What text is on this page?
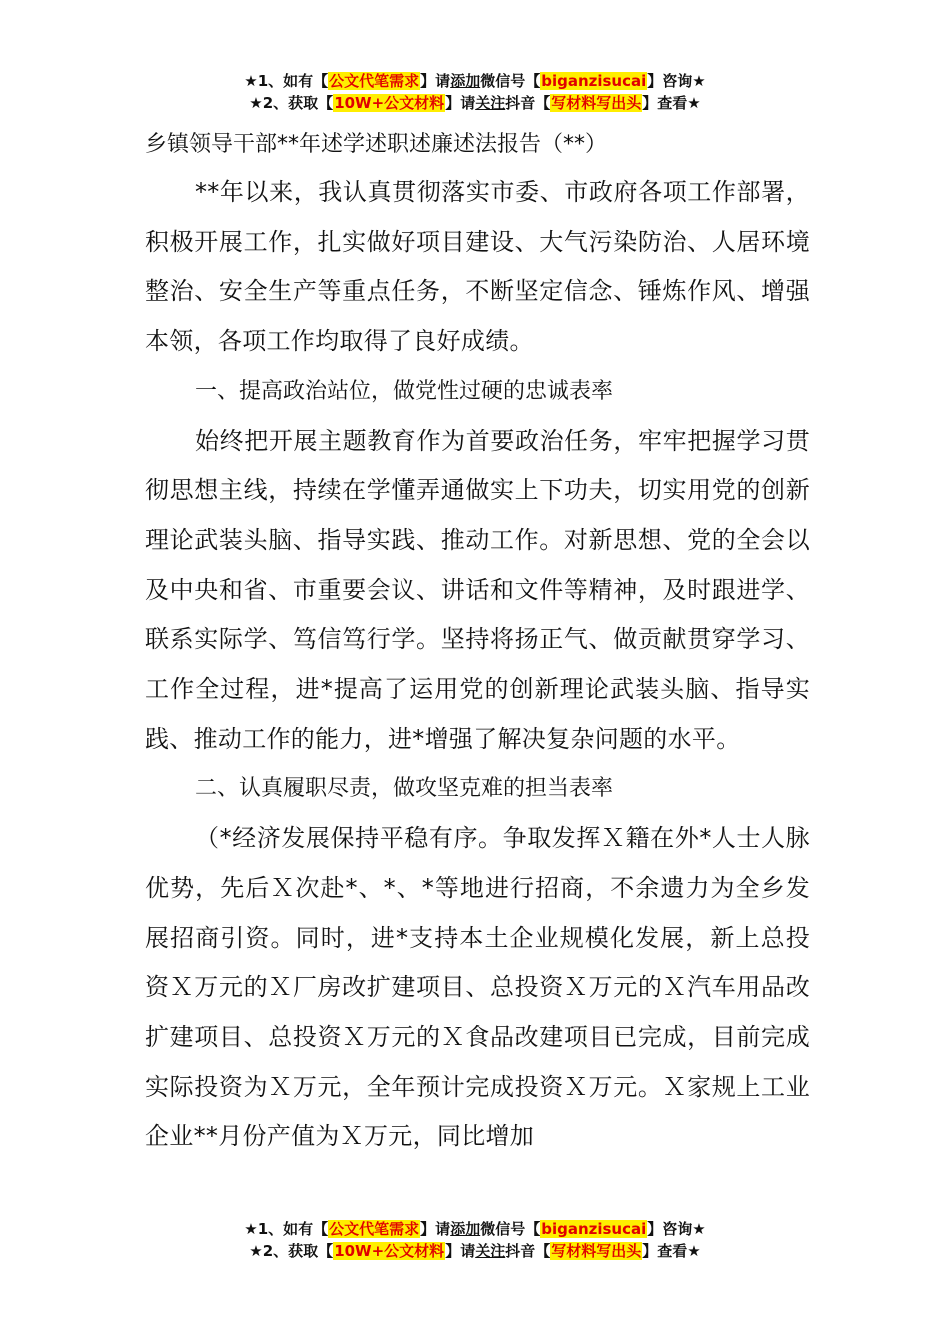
★1、如有【公文代笔需求】请添加微信号【biganzisucai】咨询★
★2、获取【10W+公文材料】请关注抖音【写材料写出头】查看★

乡镇领导干部**年述学述职述廉述法报告（**）

**年以来，我认真贯彻落实市委、市政府各项工作部署，积极开展工作，扎实做好项目建设、大气污染防治、人居环境整治、安全生产等重点任务，不断坚定信念、锤炼作风、增强本领，各项工作均取得了良好成绩。

一、提高政治站位，做党性过硬的忠诚表率

始终把开展主题教育作为首要政治任务，牢牢把握学习贯彻思想主线，持续在学懂弄通做实上下功夫，切实用党的创新理论武装头脑、指导实践、推动工作。对新思想、党的全会以及中央和省、市重要会议、讲话和文件等精神，及时跟进学、联系实际学、笃信笃行学。坚持将扬正气、做贡献贯穿学习、工作全过程，进*提高了运用党的创新理论武装头脑、指导实践、推动工作的能力，进*增强了解决复杂问题的水平。

二、认真履职尽责，做攻坚克难的担当表率

（*经济发展保持平稳有序。争取发挥Ｘ籍在外*人士人脉优势，先后Ｘ次赴*、*、*等地进行招商，不余遗力为全乡发展招商引资。同时，进*支持本土企业规模化发展，新上总投资Ｘ万元的Ｘ厂房改扩建项目、总投资Ｘ万元的Ｘ汽车用品改扩建项目、总投资Ｘ万元的Ｘ食品改建项目已完成，目前完成实际投资为Ｘ万元，全年预计完成投资Ｘ万元。Ｘ家规上工业企业**月份产值为Ｘ万元，同比增加

★1、如有【公文代笔需求】请添加微信号【biganzisucai】咨询★
★2、获取【10W+公文材料】请关注抖音【写材料写出头】查看★
